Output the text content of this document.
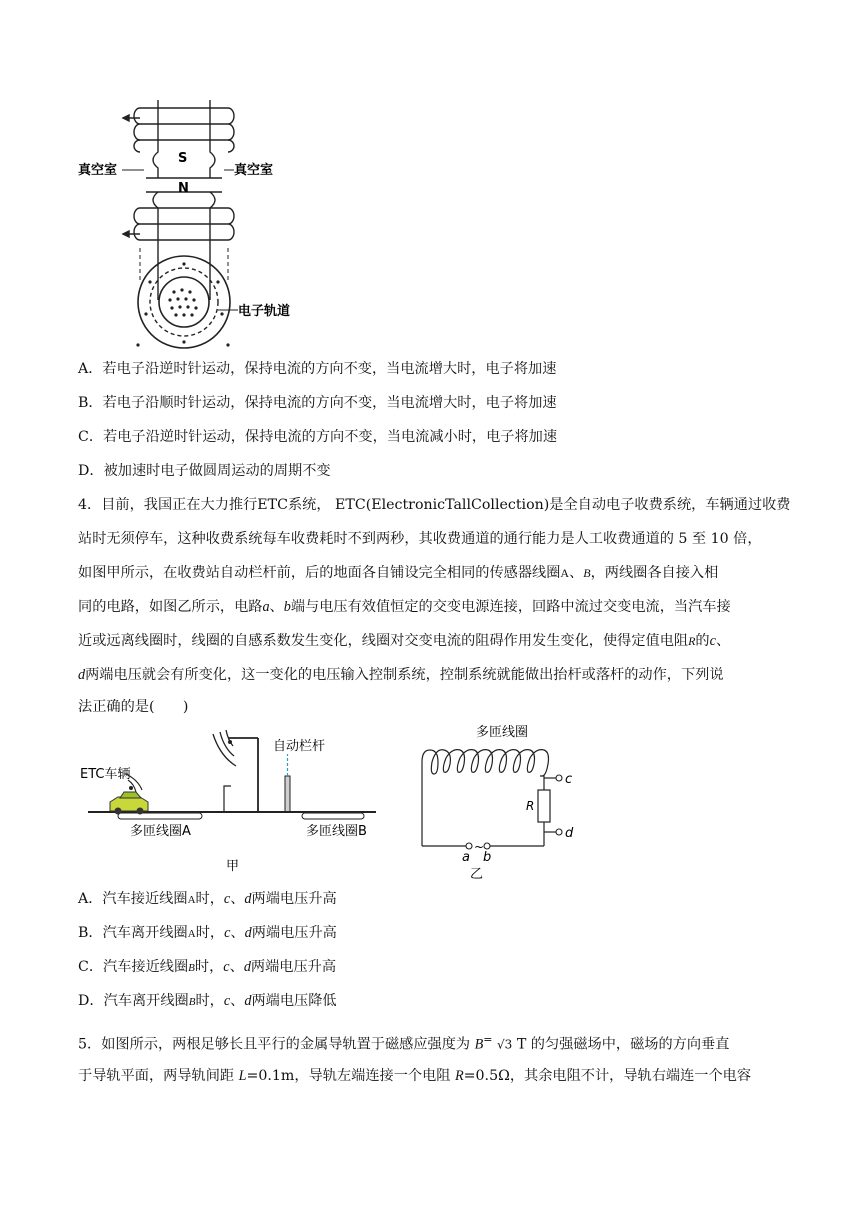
S
N
真空室	真空室
电子轨道
A．若电子沿逆时针运动，保持电流的方向不变，当电流增大时，电子将加速
B．若电子沿顺时针运动，保持电流的方向不变，当电流增大时，电子将加速
C．若电子沿逆时针运动，保持电流的方向不变，当电流减小时，电子将加速
D．被加速时电子做圆周运动的周期不变
4．目前，我国正在大力推行ETC系统， ETC(ElectronicTallCollection)是全自动电子收费系统，车辆通过收费
站时无须停车，这种收费系统每车收费耗时不到两秒，其收费通道的通行能力是人工收费通道的 5 至 10 倍，
如图甲所示，在收费站自动栏杆前，后的地面各自铺设完全相同的传感器线圈A、B，两线圈各自接入相
同的电路，如图乙所示，电路a、b端与电压有效值恒定的交变电源连接，回路中流过交变电流，当汽车接
近或远离线圈时，线圈的自感系数发生变化，线圈对交变电流的阻碍作用发生变化，使得定值电阻R的c、
d两端电压就会有所变化，这一变化的电压输入控制系统，控制系统就能做出抬杆或落杆的动作，下列说
法正确的是(　　)
自动栏杆
多匝线圈A	多匝线圈B
ETC车辆
甲
多匝线圈
R
c
d
~
a b
乙
A．汽车接近线圈A时，c、d两端电压升高
B．汽车离开线圈A时，c、d两端电压升高
C．汽车接近线圈B时，c、d两端电压升高
D．汽车离开线圈B时，c、d两端电压降低
5．如图所示，两根足够长且平行的金属导轨置于磁感应强度为 B= √3 T 的匀强磁场中，磁场的方向垂直
于导轨平面，两导轨间距 L=0.1m，导轨左端连接一个电阻 R=0.5Ω，其余电阻不计，导轨右端连一个电容
